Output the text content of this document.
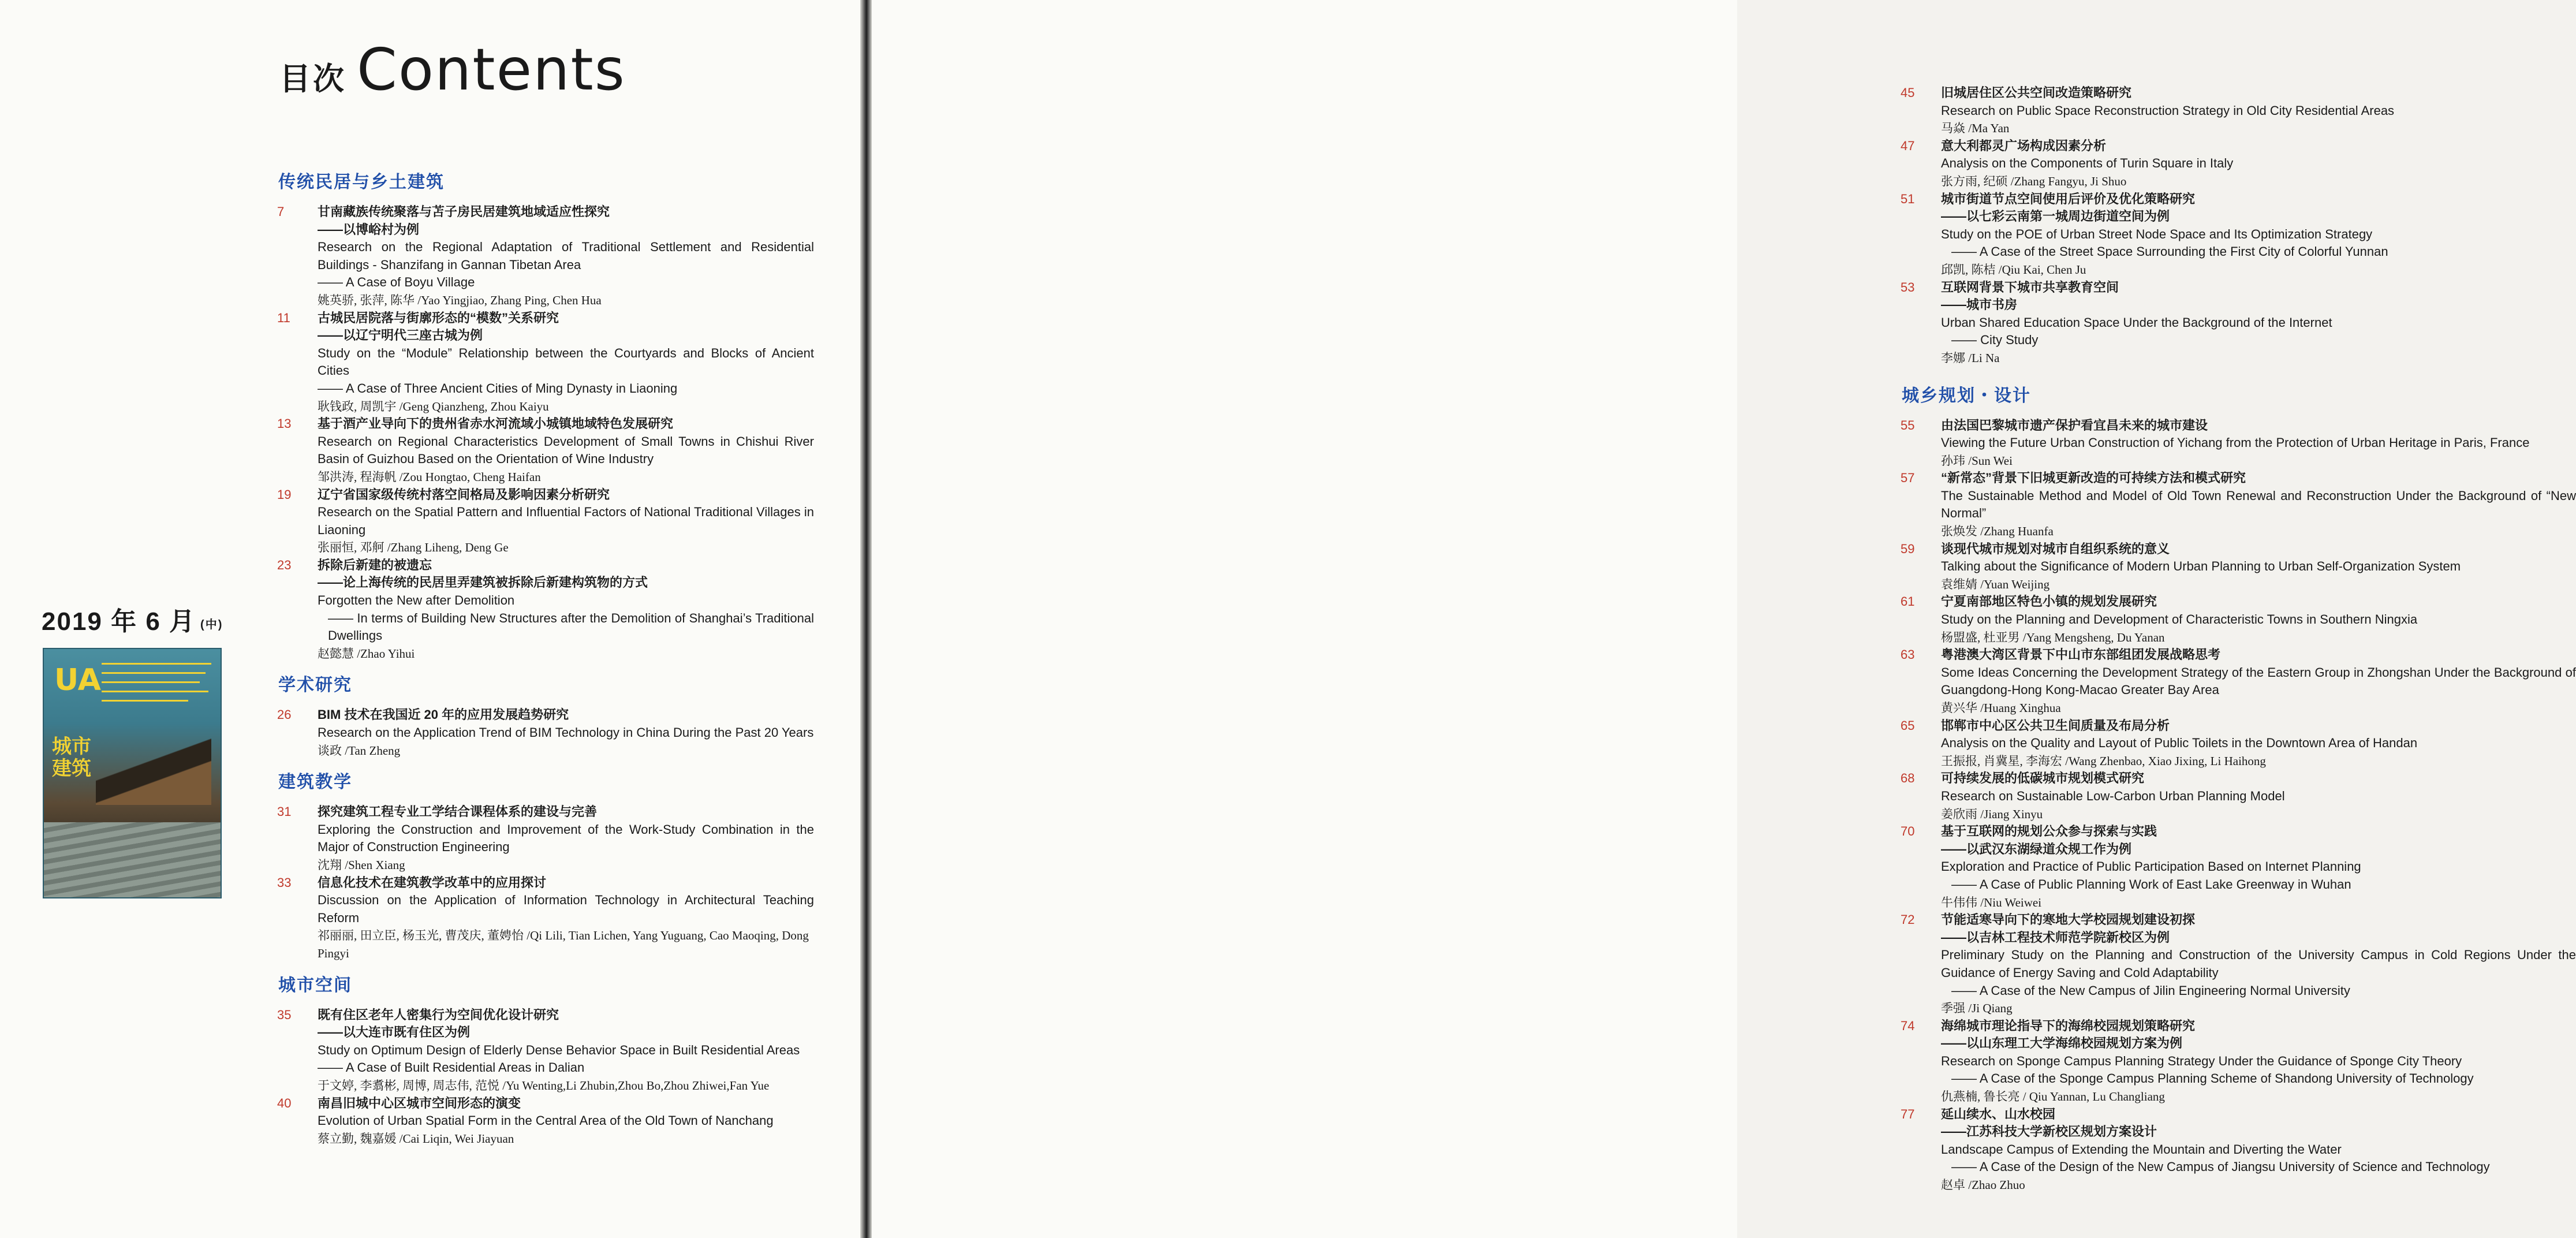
目次 Contents
2019 年 6 月 (中)
UA
城市建筑
传统民居与乡土建筑
7	甘南藏族传统聚落与苫子房民居建筑地域适应性探究
——以博峪村为例
Research on the Regional Adaptation of Traditional Settlement and Residential Buildings - Shanzifang in Gannan Tibetan Area
—— A Case of Boyu Village
姚英骄, 张萍, 陈华 /Yao Yingjiao, Zhang Ping, Chen Hua
11	古城民居院落与街廓形态的“模数”关系研究
——以辽宁明代三座古城为例
Study on the “Module” Relationship between the Courtyards and Blocks of Ancient Cities
—— A Case of Three Ancient Cities of Ming Dynasty in Liaoning
耿钱政, 周凯宇 /Geng Qianzheng, Zhou Kaiyu
13	基于酒产业导向下的贵州省赤水河流域小城镇地域特色发展研究
Research on Regional Characteristics Development of Small Towns in Chishui River Basin of Guizhou Based on the Orientation of Wine Industry
邹洪涛, 程海帆 /Zou Hongtao, Cheng Haifan
19	辽宁省国家级传统村落空间格局及影响因素分析研究
Research on the Spatial Pattern and Influential Factors of National Traditional Villages in Liaoning
张丽恒, 邓舸 /Zhang Liheng, Deng Ge
23	拆除后新建的被遗忘
——论上海传统的民居里弄建筑被拆除后新建构筑物的方式
Forgotten the New after Demolition
—— In terms of Building New Structures after the Demolition of Shanghai’s Traditional Dwellings
赵懿慧 /Zhao Yihui
学术研究
26	BIM 技术在我国近 20 年的应用发展趋势研究
Research on the Application Trend of BIM Technology in China During the Past 20 Years
谈政 /Tan Zheng
建筑教学
31	探究建筑工程专业工学结合课程体系的建设与完善
Exploring the Construction and Improvement of the Work-Study Combination in the Major of Construction Engineering
沈翔 /Shen Xiang
33	信息化技术在建筑教学改革中的应用探讨
Discussion on the Application of Information Technology in Architectural Teaching Reform
祁丽丽, 田立臣, 杨玉光, 曹茂庆, 董娉怡 /Qi Lili, Tian Lichen, Yang Yuguang, Cao Maoqing, Dong Pingyi
城市空间
35	既有住区老年人密集行为空间优化设计研究
——以大连市既有住区为例
Study on Optimum Design of Elderly Dense Behavior Space in Built Residential Areas
—— A Case of Built Residential Areas in Dalian
于文婷, 李翥彬, 周博, 周志伟, 范悦 /Yu Wenting,Li Zhubin,Zhou Bo,Zhou Zhiwei,Fan Yue
40	南昌旧城中心区城市空间形态的演变
Evolution of Urban Spatial Form in the Central Area of the Old Town of Nanchang
蔡立勤, 魏嘉媛 /Cai Liqin, Wei Jiayuan
45	旧城居住区公共空间改造策略研究
Research on Public Space Reconstruction Strategy in Old City Residential Areas
马焱 /Ma Yan
47	意大利都灵广场构成因素分析
Analysis on the Components of Turin Square in Italy
张方雨, 纪硕 /Zhang Fangyu, Ji Shuo
51	城市街道节点空间使用后评价及优化策略研究
——以七彩云南第一城周边街道空间为例
Study on the POE of Urban Street Node Space and Its Optimization Strategy
—— A Case of the Street Space Surrounding the First City of Colorful Yunnan
邱凯, 陈桔 /Qiu Kai, Chen Ju
53	互联网背景下城市共享教育空间
——城市书房
Urban Shared Education Space Under the Background of the Internet
—— City Study
李娜 /Li Na
城乡规划・设计
55	由法国巴黎城市遗产保护看宜昌未来的城市建设
Viewing the Future Urban Construction of Yichang from the Protection of Urban Heritage in Paris, France
孙玮 /Sun Wei
57	“新常态”背景下旧城更新改造的可持续方法和模式研究
The Sustainable Method and Model of Old Town Renewal and Reconstruction Under the Background of “New Normal”
张焕发 /Zhang Huanfa
59	谈现代城市规划对城市自组织系统的意义
Talking about the Significance of Modern Urban Planning to Urban Self-Organization System
袁维婧 /Yuan Weijing
61	宁夏南部地区特色小镇的规划发展研究
Study on the Planning and Development of Characteristic Towns in Southern Ningxia
杨盟盛, 杜亚男 /Yang Mengsheng, Du Yanan
63	粤港澳大湾区背景下中山市东部组团发展战略思考
Some Ideas Concerning the Development Strategy of the Eastern Group in Zhongshan Under the Background of Guangdong-Hong Kong-Macao Greater Bay Area
黄兴华 /Huang Xinghua
65	邯郸市中心区公共卫生间质量及布局分析
Analysis on the Quality and Layout of Public Toilets in the Downtown Area of Handan
王振报, 肖冀星, 李海宏 /Wang Zhenbao, Xiao Jixing, Li Haihong
68	可持续发展的低碳城市规划模式研究
Research on Sustainable Low-Carbon Urban Planning Model
姜欣雨 /Jiang Xinyu
70	基于互联网的规划公众参与探索与实践
——以武汉东湖绿道众规工作为例
Exploration and Practice of Public Participation Based on Internet Planning
—— A Case of Public Planning Work of East Lake Greenway in Wuhan
牛伟伟 /Niu Weiwei
72	节能适寒导向下的寒地大学校园规划建设初探
——以吉林工程技术师范学院新校区为例
Preliminary Study on the Planning and Construction of the University Campus in Cold Regions Under the Guidance of Energy Saving and Cold Adaptability
—— A Case of the New Campus of Jilin Engineering Normal University
季强 /Ji Qiang
74	海绵城市理论指导下的海绵校园规划策略研究
——以山东理工大学海绵校园规划方案为例
Research on Sponge Campus Planning Strategy Under the Guidance of Sponge City Theory
—— A Case of the Sponge Campus Planning Scheme of Shandong University of Technology
仇燕楠, 鲁长亮 / Qiu Yannan, Lu Changliang
77	延山续水、山水校园
——江苏科技大学新校区规划方案设计
Landscape Campus of Extending the Mountain and Diverting the Water
—— A Case of the Design of the New Campus of Jiangsu University of Science and Technology
赵卓 /Zhao Zhuo
